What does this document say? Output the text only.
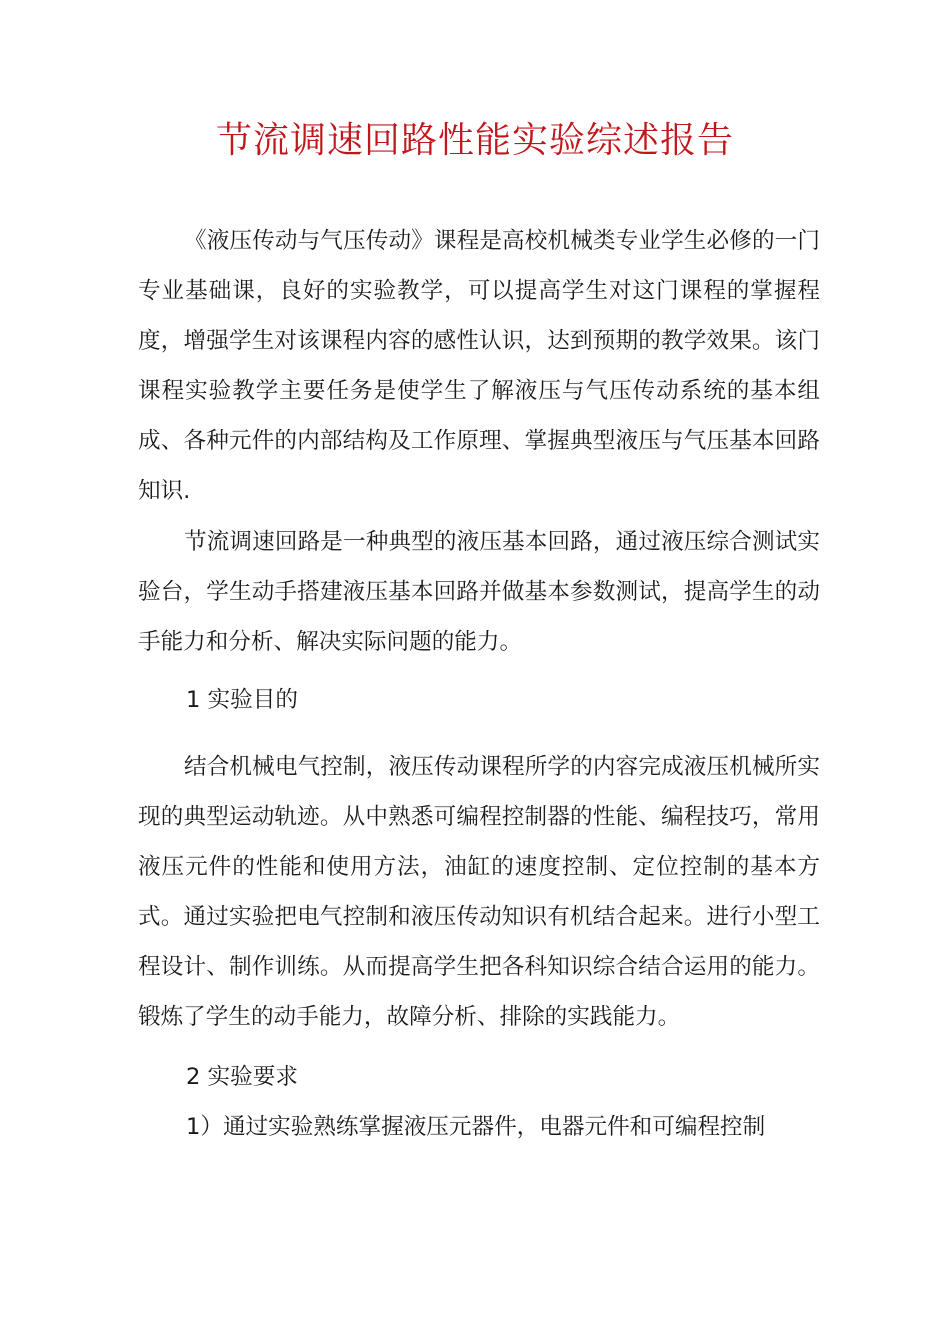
节流调速回路性能实验综述报告

《液压传动与气压传动》课程是高校机械类专业学生必修的一门专业基础课，良好的实验教学，可以提高学生对这门课程的掌握程度，增强学生对该课程内容的感性认识，达到预期的教学效果。该门课程实验教学主要任务是使学生了解液压与气压传动系统的基本组成、各种元件的内部结构及工作原理、掌握典型液压与气压基本回路知识.

节流调速回路是一种典型的液压基本回路，通过液压综合测试实验台，学生动手搭建液压基本回路并做基本参数测试，提高学生的动手能力和分析、解决实际问题的能力。

1 实验目的

结合机械电气控制，液压传动课程所学的内容完成液压机械所实现的典型运动轨迹。从中熟悉可编程控制器的性能、编程技巧，常用液压元件的性能和使用方法，油缸的速度控制、定位控制的基本方式。通过实验把电气控制和液压传动知识有机结合起来。进行小型工程设计、制作训练。从而提高学生把各科知识综合结合运用的能力。锻炼了学生的动手能力，故障分析、排除的实践能力。

2 实验要求

1）通过实验熟练掌握液压元器件，电器元件和可编程控制
